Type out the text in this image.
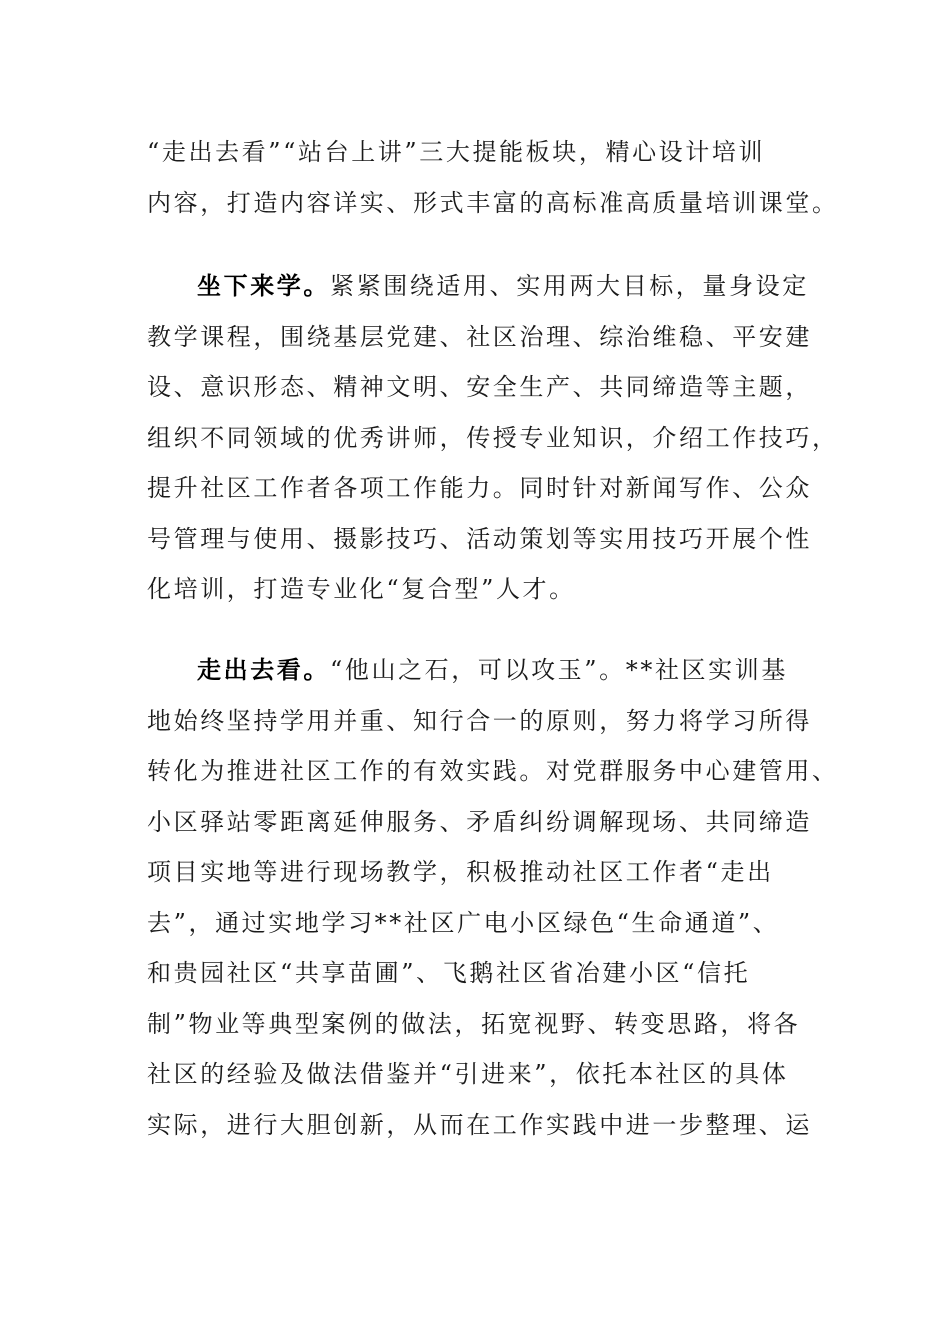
“走出去看”“站台上讲”三大提能板块，精心设计培训
内容，打造内容详实、形式丰富的高标准高质量培训课堂。
坐下来学。紧紧围绕适用、实用两大目标，量身设定
教学课程，围绕基层党建、社区治理、综治维稳、平安建
设、意识形态、精神文明、安全生产、共同缔造等主题，
组织不同领域的优秀讲师，传授专业知识，介绍工作技巧，
提升社区工作者各项工作能力。同时针对新闻写作、公众
号管理与使用、摄影技巧、活动策划等实用技巧开展个性
化培训，打造专业化“复合型”人才。
走出去看。“他山之石，可以攻玉”。**社区实训基
地始终坚持学用并重、知行合一的原则，努力将学习所得
转化为推进社区工作的有效实践。对党群服务中心建管用、
小区驿站零距离延伸服务、矛盾纠纷调解现场、共同缔造
项目实地等进行现场教学，积极推动社区工作者“走出
去”，通过实地学习**社区广电小区绿色“生命通道”、
和贵园社区“共享苗圃”、飞鹅社区省冶建小区“信托
制”物业等典型案例的做法，拓宽视野、转变思路，将各
社区的经验及做法借鉴并“引进来”，依托本社区的具体
实际，进行大胆创新，从而在工作实践中进一步整理、运
